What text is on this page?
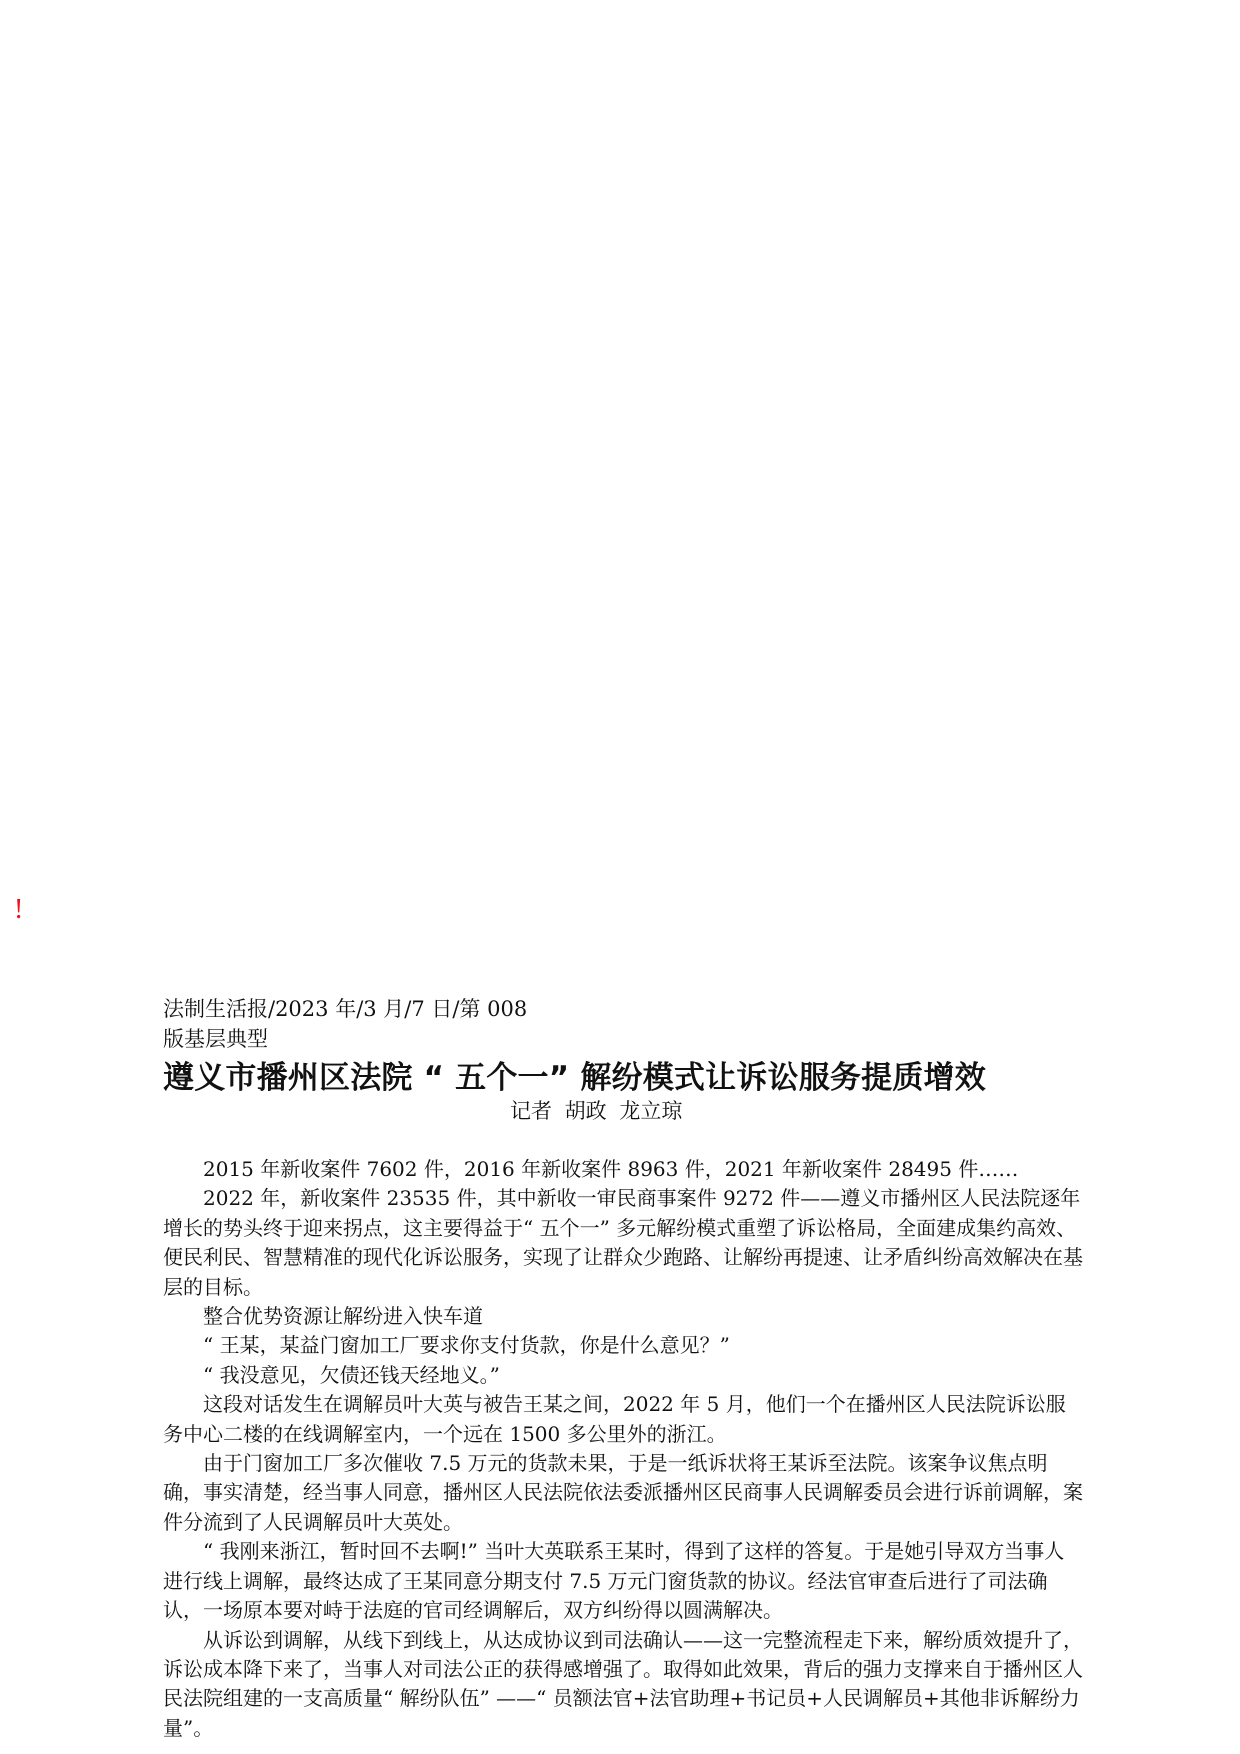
!
法制生活报/2023 年/3 月/7 日/第 008
版基层典型
遵义市播州区法院 “ 五个一” 解纷模式让诉讼服务提质增效
记者 胡政 龙立琼

2015 年新收案件 7602 件，2016 年新收案件 8963 件，2021 年新收案件 28495 件……

2022 年，新收案件 23535 件，其中新收一审民商事案件 9272 件——遵义市播州区人民法院逐年增长的势头终于迎来拐点，这主要得益于“ 五个一” 多元解纷模式重塑了诉讼格局，全面建成集约高效、便民利民、智慧精准的现代化诉讼服务，实现了让群众少跑路、让解纷再提速、让矛盾纠纷高效解决在基层的目标。

整合优势资源让解纷进入快车道

“ 王某，某益门窗加工厂要求你支付货款，你是什么意见？”

“ 我没意见，欠债还钱天经地义。”

这段对话发生在调解员叶大英与被告王某之间，2022 年 5 月，他们一个在播州区人民法院诉讼服务中心二楼的在线调解室内，一个远在 1500 多公里外的浙江。

由于门窗加工厂多次催收 7.5 万元的货款未果，于是一纸诉状将王某诉至法院。该案争议焦点明确，事实清楚，经当事人同意，播州区人民法院依法委派播州区民商事人民调解委员会进行诉前调解，案件分流到了人民调解员叶大英处。

“ 我刚来浙江，暂时回不去啊!” 当叶大英联系王某时，得到了这样的答复。于是她引导双方当事人进行线上调解，最终达成了王某同意分期支付 7.5 万元门窗货款的协议。经法官审查后进行了司法确认，一场原本要对峙于法庭的官司经调解后，双方纠纷得以圆满解决。

从诉讼到调解，从线下到线上，从达成协议到司法确认——这一完整流程走下来，解纷质效提升了，诉讼成本降下来了，当事人对司法公正的获得感增强了。取得如此效果，背后的强力支撑来自于播州区人民法院组建的一支高质量“ 解纷队伍” ——“ 员额法官+法官助理+书记员+人民调解员+其他非诉解纷力量”。
